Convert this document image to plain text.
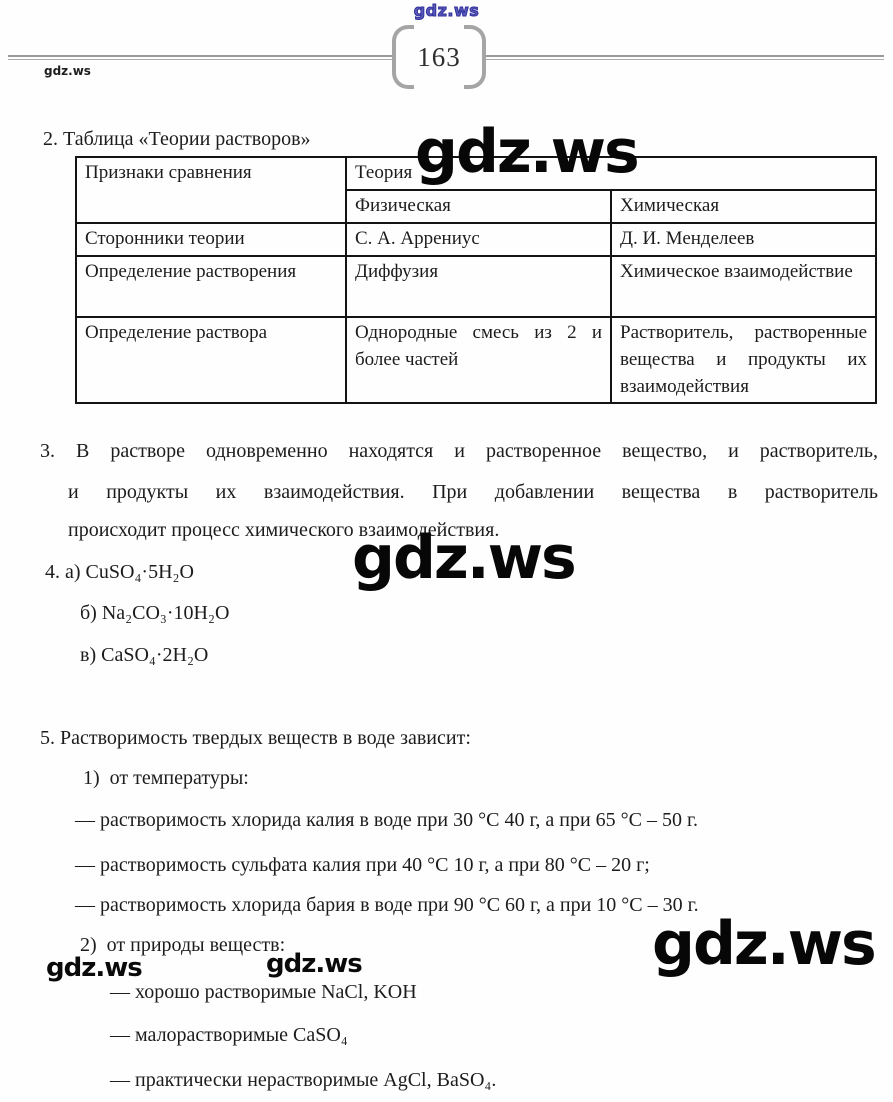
gdz.ws
163
gdz.ws
2. Таблица «Теории растворов»
Признаки сравнения	Теория	
	Физическая	Химическая
Сторонники теории	С. А. Аррениус	Д. И. Менделеев
Определение растворения	Диффузия	Химическое взаимодействие
Определение раствора	Однородные смесь из 2 и более частей	Растворитель, растворенные вещества и продукты их взаимодействия
gdz.ws
3. В растворе одновременно находятся и растворенное вещество, и растворитель,
и продукты их взаимодействия. При добавлении вещества в растворитель
происходит процесс химического взаимодействия.
4. а) CuSO₄·5H₂O	gdz.ws
б) Na₂CO₃·10H₂O
в) CaSO₄·2H₂O
5. Растворимость твердых веществ в воде зависит:
1)  от температуры:
— растворимость хлорида калия в воде при 30 °C 40 г, а при 65 °C – 50 г.
— растворимость сульфата калия при 40 °C 10 г, а при 80 °C – 20 г;
— растворимость хлорида бария в воде при 90 °C 60 г, а при 10 °C – 30 г.
2)  от природы веществ:	gdz.ws
gdz.ws	gdz.ws
— хорошо растворимые NaCl, KOH
— малорастворимые CaSO₄
— практически нерастворимые AgCl, BaSO₄.
